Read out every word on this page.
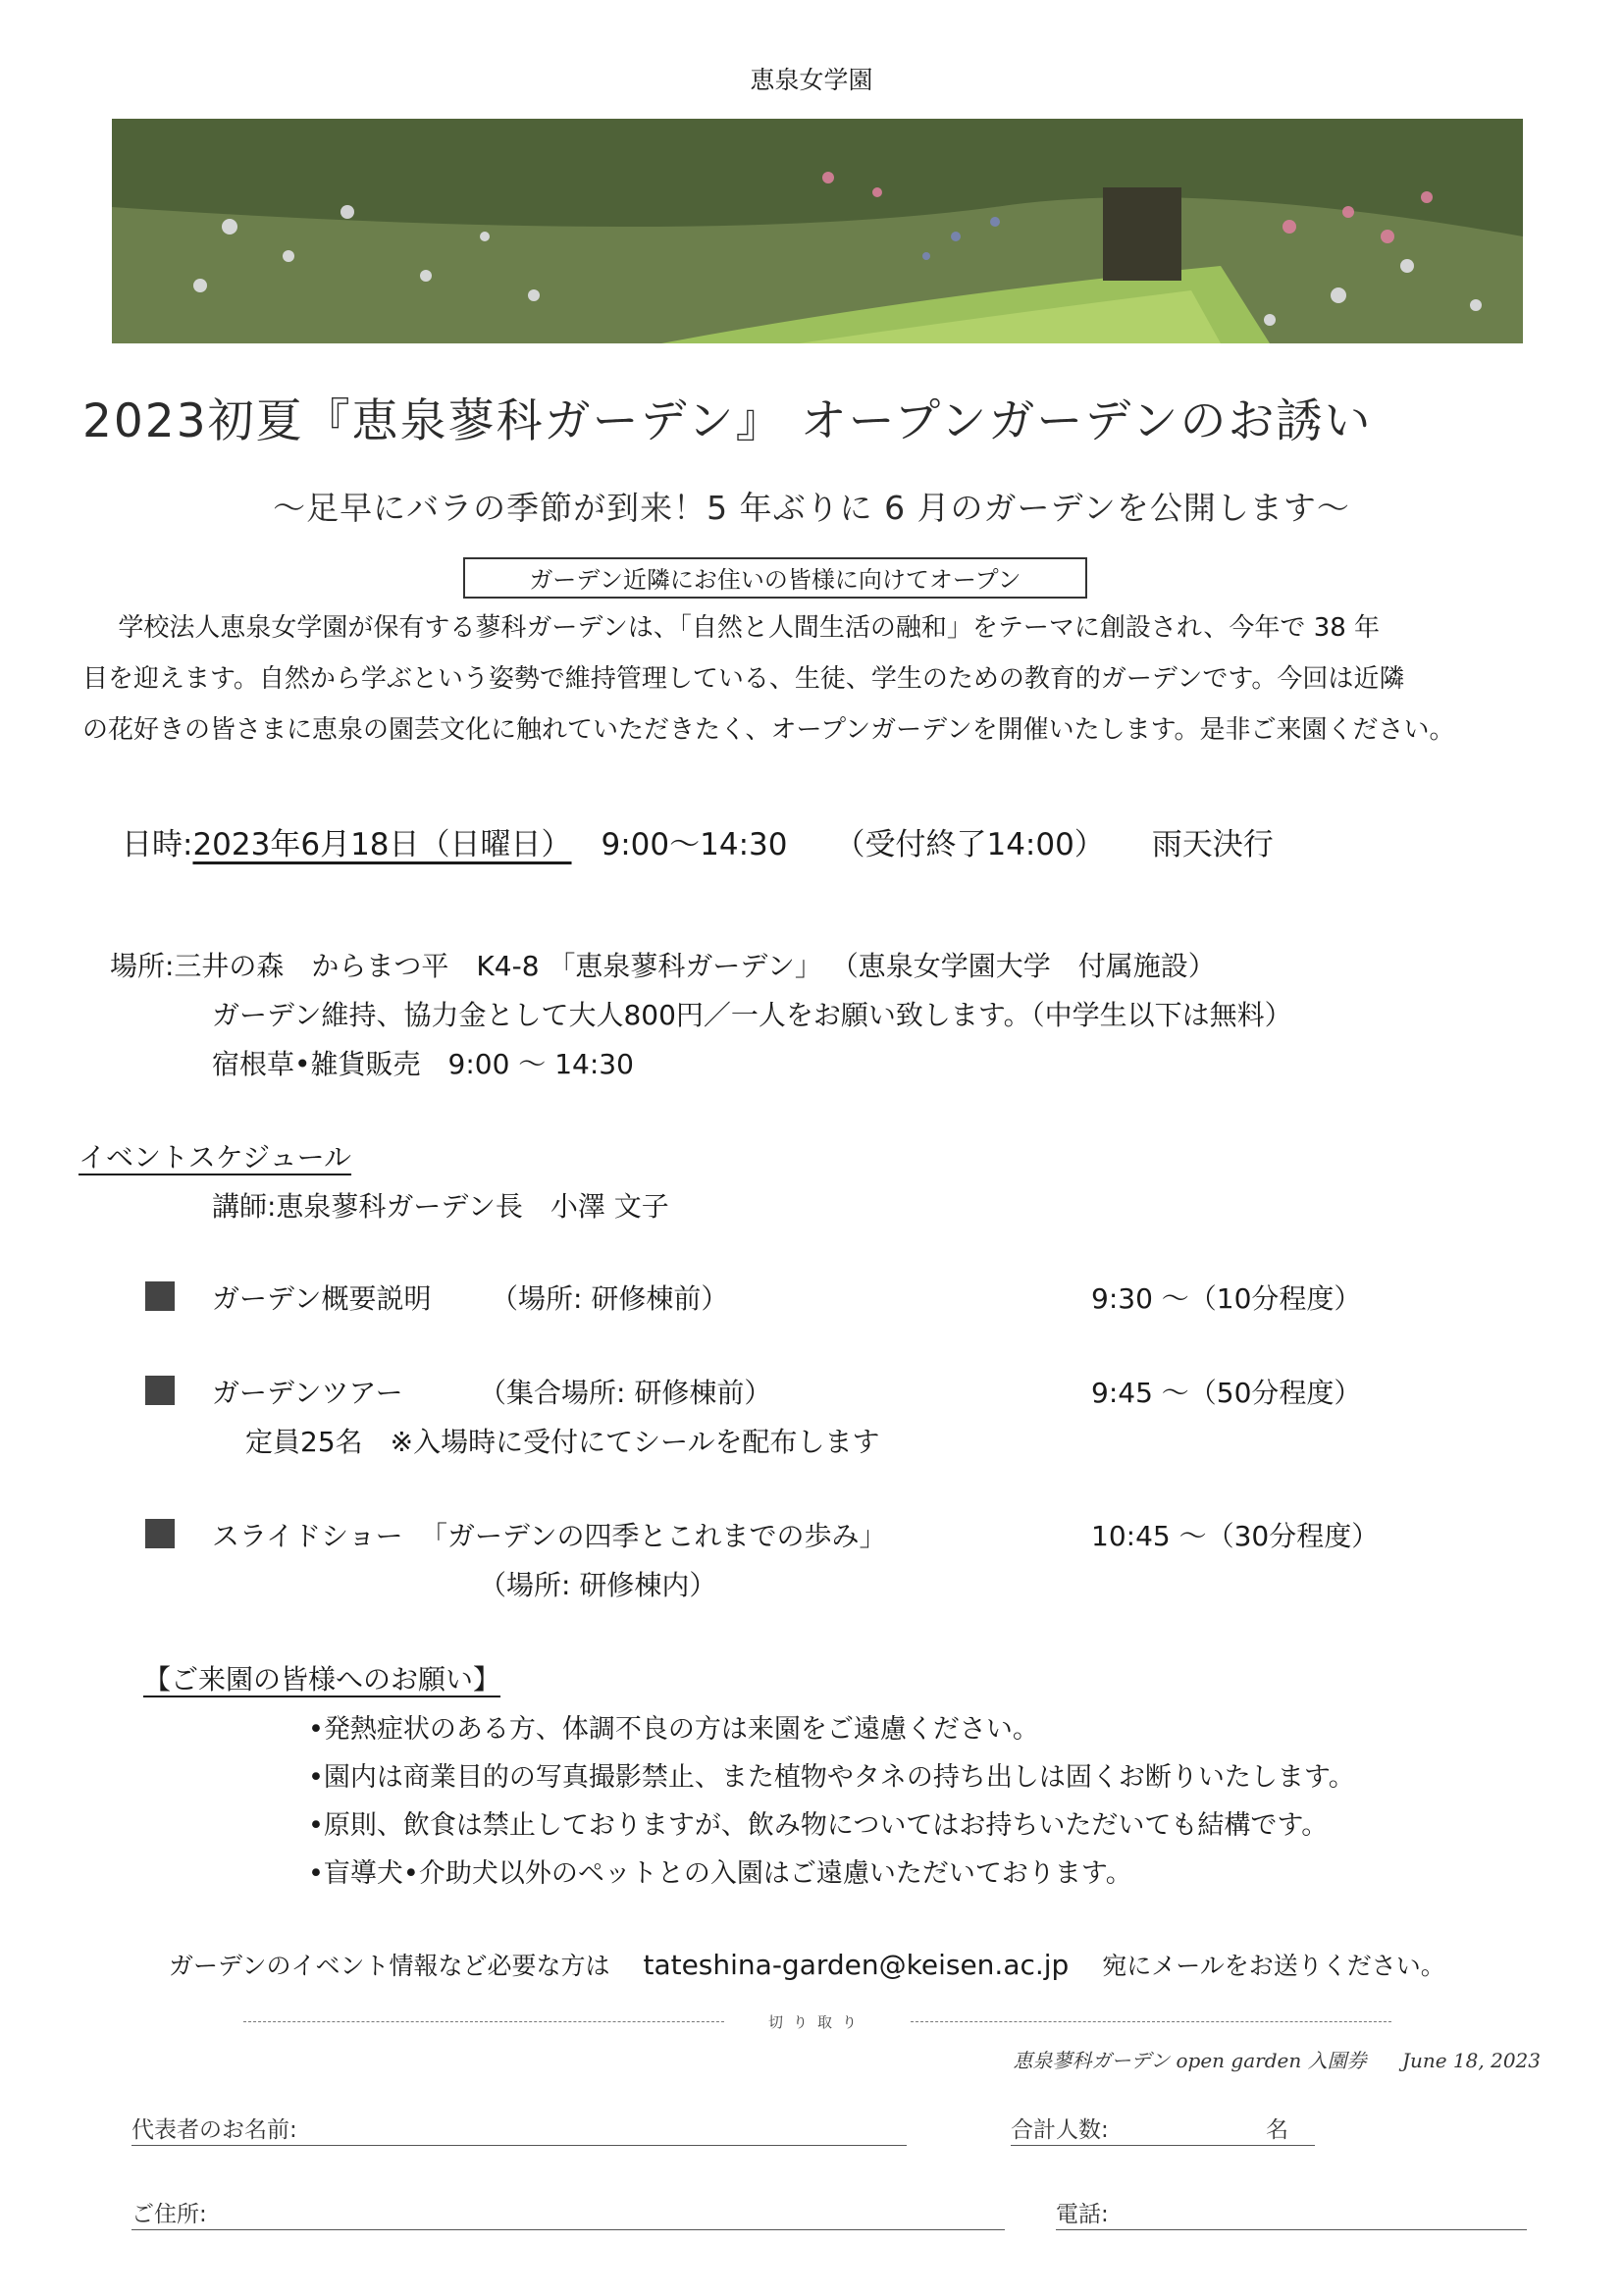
恵泉女学園
2023初夏『恵泉蓼科ガーデン』 オープンガーデンのお誘い
～足早にバラの季節が到来！5 年ぶりに 6 月のガーデンを公開します～
ガーデン近隣にお住いの皆様に向けてオープン

学校法人恵泉女学園が保有する蓼科ガーデンは、「自然と人間生活の融和」をテーマに創設され、今年で 38 年

目を迎えます。自然から学ぶという姿勢で維持管理している、生徒、学生のための教育的ガーデンです。今回は近隣

の花好きの皆さまに恵泉の園芸文化に触れていただきたく、オープンガーデンを開催いたします。是非ご来園ください。

日時:2023年6月18日（日曜日） 9:00～14:30 （受付終了14:00） 雨天決行
場所:三井の森　からまつ平　K4-8 「恵泉蓼科ガーデン」 （恵泉女学園大学　付属施設）
ガーデン維持、協力金として大人800円／一人をお願い致します。（中学生以下は無料）
宿根草•雑貨販売　9:00 ～ 14:30
イベントスケジュール
講師:恵泉蓼科ガーデン長　小澤 文子
ガーデン概要説明 （場所: 研修棟前）	9:30 ～（10分程度）
ガーデンツアー	（集合場所: 研修棟前）	9:45 ～（50分程度）
定員25名　※入場時に受付にてシールを配布します
スライドショー 「ガーデンの四季とこれまでの歩み」	10:45 ～（30分程度）
（場所: 研修棟内）
【ご来園の皆様へのお願い】
•発熱症状のある方、体調不良の方は来園をご遠慮ください。
•園内は商業目的の写真撮影禁止、また植物やタネの持ち出しは固くお断りいたします。
•原則、飲食は禁止しておりますが、飲み物についてはお持ちいただいても結構です。
•盲導犬•介助犬以外のペットとの入園はご遠慮いただいております。
ガーデンのイベント情報など必要な方は tateshina-garden@keisen.ac.jp 宛にメールをお送りください。
切り取り
恵泉蓼科ガーデン open garden 入園券 June 18, 2023
代表者のお名前:	合計人数:	名
ご住所:	電話:
